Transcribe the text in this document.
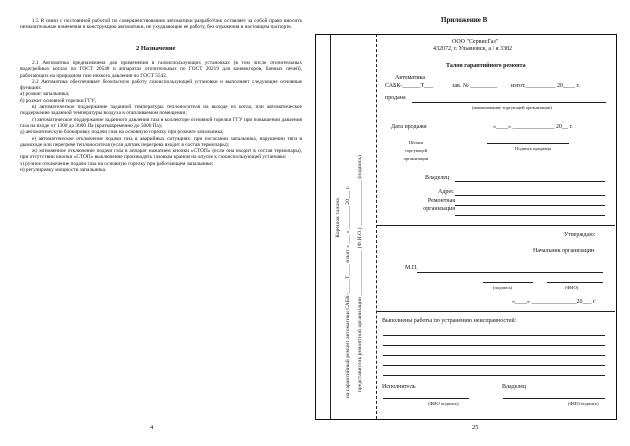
1.5 В связи с постоянной работой по совершенствованию автоматики разработчик оставляет за собой право вносить незначительные изменения в конструкцию автоматики, не ухудшающие ее работу, без отражения в настоящем паспорте.

2 Назначение

2.1 Автоматика предназначена для применения в газоиспользующих установках (в том числе отопительных водогрейных котлах по ГОСТ 20548 и аппаратах отопительных по ГОСТ 20219 для конвекторов, банных печей), работающих на природном газе низкого давления по ГОСТ 5542.

2.2 Автоматика обеспечивает безопасную работу газоиспользующей установки и выполняет следующие основные функции:

а) розжиг запальника;

б) розжиг основной горелки ГГУ;

в) автоматическое поддержание заданной температуры теплоносителя на выходе из котла, или автоматическое поддержание заданной температуры воздуха в отапливаемом помещении;

г) автоматическое поддержание заданного давления газа в коллекторе основной горелки ГГУ при повышении давления газа на входе от 1300 до 3000 Па (кратковременно до 5000 Па);

д) автоматическую блокировку подачи газа на основную горелку при розжиге запальника;

е) автоматическое отключение подачи газа в аварийных ситуациях: при погасании запальника, нарушении тяги в дымоходе или перегреве теплоносителя (если датчик перегрева входит в состав термопары);

ж) мгновенное отключение подачи газа в аппарат нажатием кнопки «СТОП» (если она входит в состав термопары), при отсутствии кнопки «СТОП» выключение производить газовым краном на опуске к газоиспользующей установке;

з) ручное отключение подачи газа на основную горелку при работающем запальнике;

и) регулировку мощности запальника.

4
Приложение В
Корешок талона на гарантийный ремонт автоматики САБК-_____Т____ изъят « ___ » ________ 20___ г. представитель ремонтной организации ________________ (Ф.И.О.) ________________ (подпись)
ООО "СервисГаз"
432072, г. Ульяновск, а / я 3382
Талон гарантийного ремонта
Автоматика
САБК-______Т___	зав. № _________ изгот.__________ 20____ г.
продана
(наименование торгующей организации)
Дата продажи	«____» ______________ 20__ г.
Штамп торгующей организации
Подпись продавца
Владелец
Адрес
Ремонтная организация
Утверждаю:
Начальник организации
М.П.
(подпись)	(ФИО)
«____» _______________20___ г
Выполнены работы по устранению неисправностей:
Исполнитель	Владелец
(ФИО подпись)	(ФИО подпись)
25
